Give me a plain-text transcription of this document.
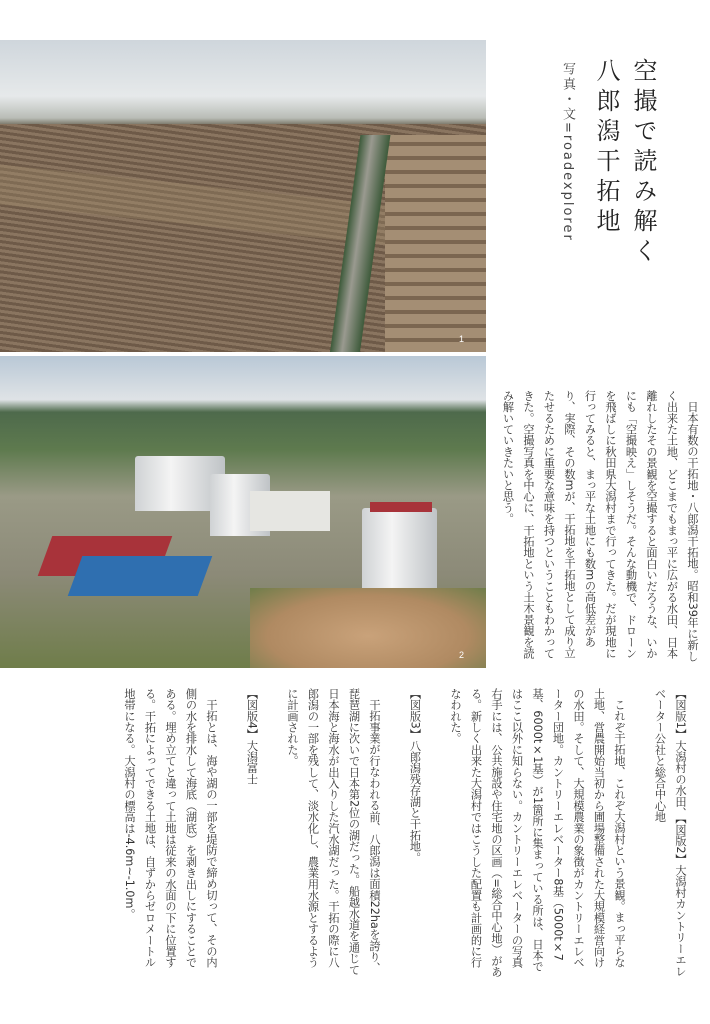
1
2
空撮で読み解く
八郎潟干拓地
写真・文=roadexplorer

日本有数の干拓地・八郎潟干拓地。昭和39年に新しく出来た土地、どこまでもまっ平に広がる水田、日本離れしたその景観を空撮すると面白いだろうな、いかにも「空撮映え」しそうだ。そんな動機で、ドローンを飛ばしに秋田県大潟村まで行ってきた。だが現地に行ってみると、まっ平な土地にも数mの高低差があり、実際、その数mが、干拓地を干拓地として成り立たせるために重要な意味を持つということもわかってきた。空撮写真を中心に、干拓地という土木景観を読み解いていきたいと思う。

【図版1】大潟村の水田、【図版2】大潟村カントリーエレベーター公社と総合中心地

これぞ干拓地、これぞ大潟村という景観。まっ平らな土地、営農開始当初から圃場整備された大規模経営向けの水田。そして、大規模農業の象徴がカントリーエレベーター団地。カントリーエレベーター8基（5000t×7基、6000t×1基）が1箇所に集まっている所は、日本ではここ以外に知らない。カントリーエレベーターの写真右手には、公共施設や住宅地の区画（=総合中心地）がある。新しく出来た大潟村ではこうした配置も計画的に行なわれた。

【図版3】八郎潟残存湖と干拓地。

干拓事業が行なわれる前、八郎潟は面積22haを誇り、琵琶湖に次いで日本第2位の湖だった。船越水道を通じて日本海と海水が出入りした汽水湖だった。干拓の際に八郎潟の一部を残して、淡水化し、農業用水源とするように計画された。

【図版4】大潟富士

干拓とは、海や湖の一部を堤防で締め切って、その内側の水を排水して海底（湖底）を剥き出しにすることである。埋め立てと違って土地は従来の水面の下に位置する。干拓によってできる土地は、自ずからゼロメートル地帯になる。大潟村の標高は-4.6m~-1.0m。
